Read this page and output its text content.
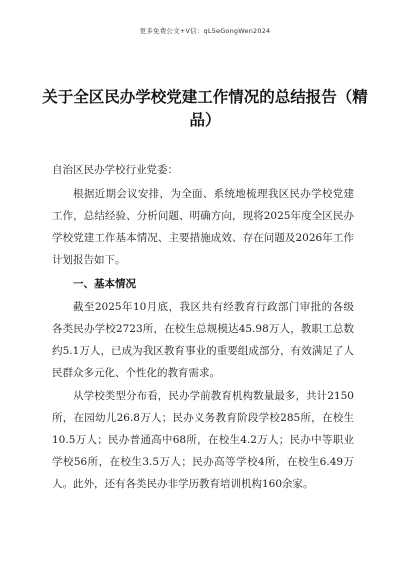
更多免费公文+V信：qL5eGongWen2024
关于全区民办学校党建工作情况的总结报告（精品）
自治区民办学校行业党委：
根据近期会议安排，为全面、系统地梳理我区民办学校党建工作，总结经验、分析问题、明确方向，现将2025年度全区民办学校党建工作基本情况、主要措施成效、存在问题及2026年工作计划报告如下。
一、基本情况
截至2025年10月底，我区共有经教育行政部门审批的各级各类民办学校2723所，在校生总规模达45.98万人，教职工总数约5.1万人，已成为我区教育事业的重要组成部分，有效满足了人民群众多元化、个性化的教育需求。
从学校类型分布看，民办学前教育机构数量最多，共计2150所，在园幼儿26.8万人；民办义务教育阶段学校285所，在校生10.5万人；民办普通高中68所，在校生4.2万人；民办中等职业学校56所，在校生3.5万人；民办高等学校4所，在校生6.49万人。此外，还有各类民办非学历教育培训机构160余家。
